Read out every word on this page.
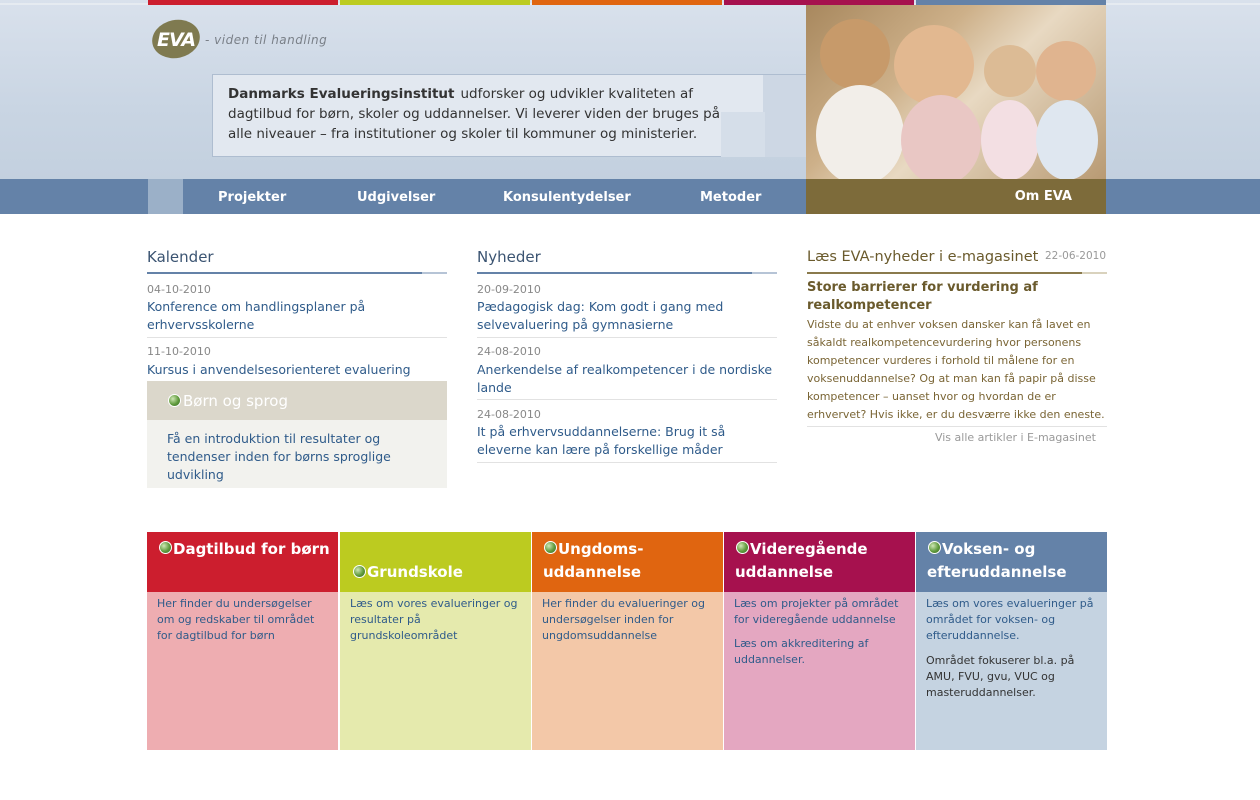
EVA - viden til handling

Danmarks Evalueringsinstitut udforsker og udvikler kvaliteten af dagtilbud for børn, skoler og uddannelser. Vi leverer viden der bruges på alle niveauer – fra institutioner og skoler til kommuner og ministerier.

Projekter	Udgivelser	Konsulentydelser	Metoder	Om EVA
Kalender
04-10-2010
Konference om handlingsplaner på erhvervsskolerne
11-10-2010
Kursus i anvendelsesorienteret evaluering
Børn og sprog
Få en introduktion til resultater og tendenser inden for børns sproglige udvikling
Nyheder
20-09-2010
Pædagogisk dag: Kom godt i gang med selvevaluering på gymnasierne
24-08-2010
Anerkendelse af realkompetencer i de nordiske lande
24-08-2010
It på erhvervsuddannelserne: Brug it så eleverne kan lære på forskellige måder
Læs EVA-nyheder i e-magasinet 22-06-2010
Store barrierer for vurdering af realkompetencer

Vidste du at enhver voksen dansker kan få lavet en såkaldt realkompetencevurdering hvor personens kompetencer vurderes i forhold til målene for en voksenuddannelse? Og at man kan få papir på disse kompetencer – uanset hvor og hvordan de er erhvervet? Hvis ikke, er du desværre ikke den eneste.

Vis alle artikler i E-magasinet
Dagtilbud for børn
Her finder du undersøgelser om og redskaber til området for dagtilbud for børn
Grundskole
Læs om vores evalueringer og resultater på grundskoleområdet
Ungdoms-uddannelse
Her finder du evalueringer og undersøgelser inden for ungdomsuddannelse
Videregående uddannelse
Læs om projekter på området for videregående uddannelse
Læs om akkreditering af uddannelser.
Voksen- og efteruddannelse
Læs om vores evalueringer på området for voksen- og efteruddannelse.
Området fokuserer bl.a. på AMU, FVU, gvu, VUC og masteruddannelser.
